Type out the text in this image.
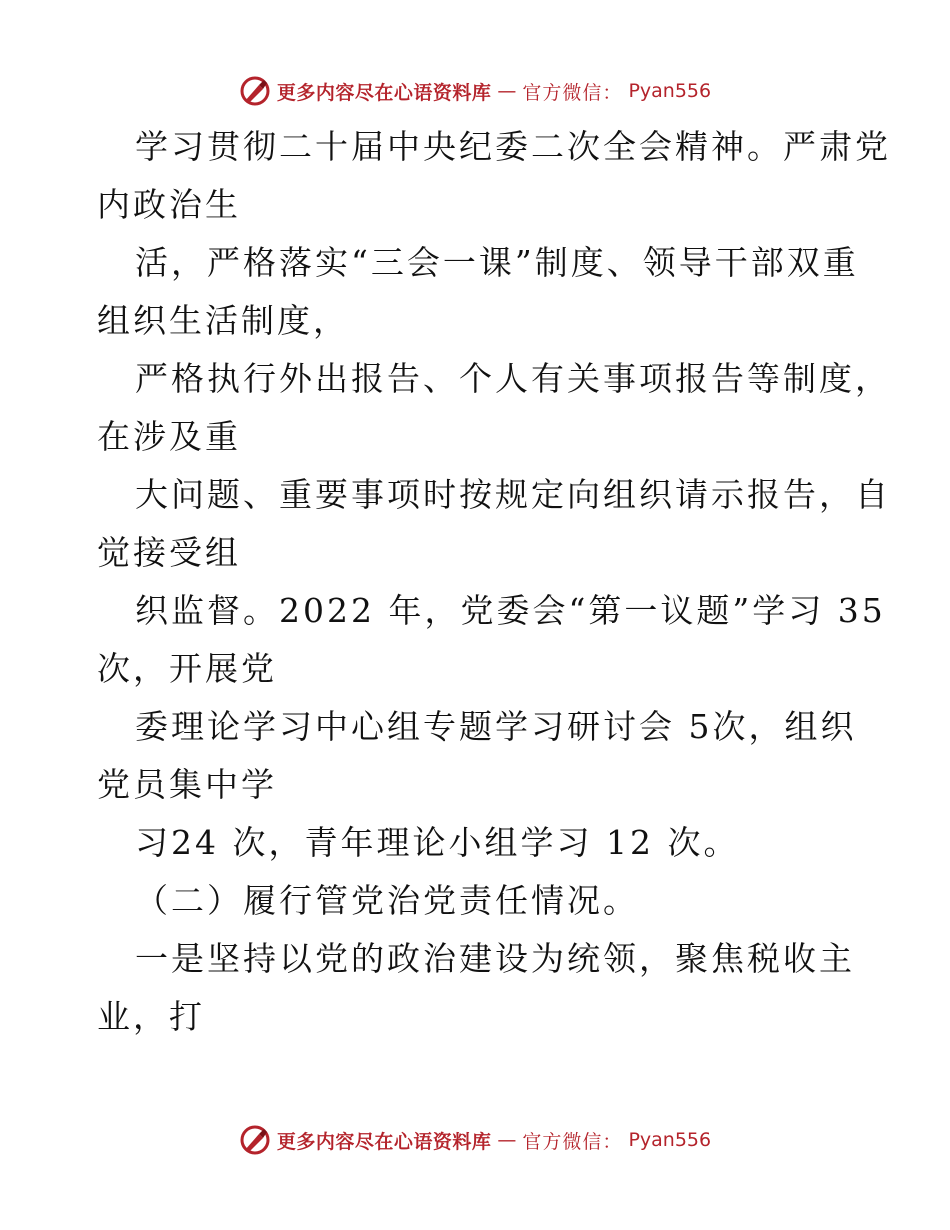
更多内容尽在心语资料库 — 官方微信： Pyan556
学习贯彻二十届中央纪委二次全会精神。严肃党
内政治生
活，严格落实“三会一课”制度、领导干部双重
组织生活制度，
严格执行外出报告、个人有关事项报告等制度，
在涉及重
大问题、重要事项时按规定向组织请示报告，自
觉接受组
织监督。2022 年，党委会“第一议题”学习 35
次，开展党
委理论学习中心组专题学习研讨会 5次，组织
党员集中学
习24 次，青年理论小组学习 12 次。
（二）履行管党治党责任情况。
一是坚持以党的政治建设为统领，聚焦税收主
业，打
更多内容尽在心语资料库 — 官方微信： Pyan556
